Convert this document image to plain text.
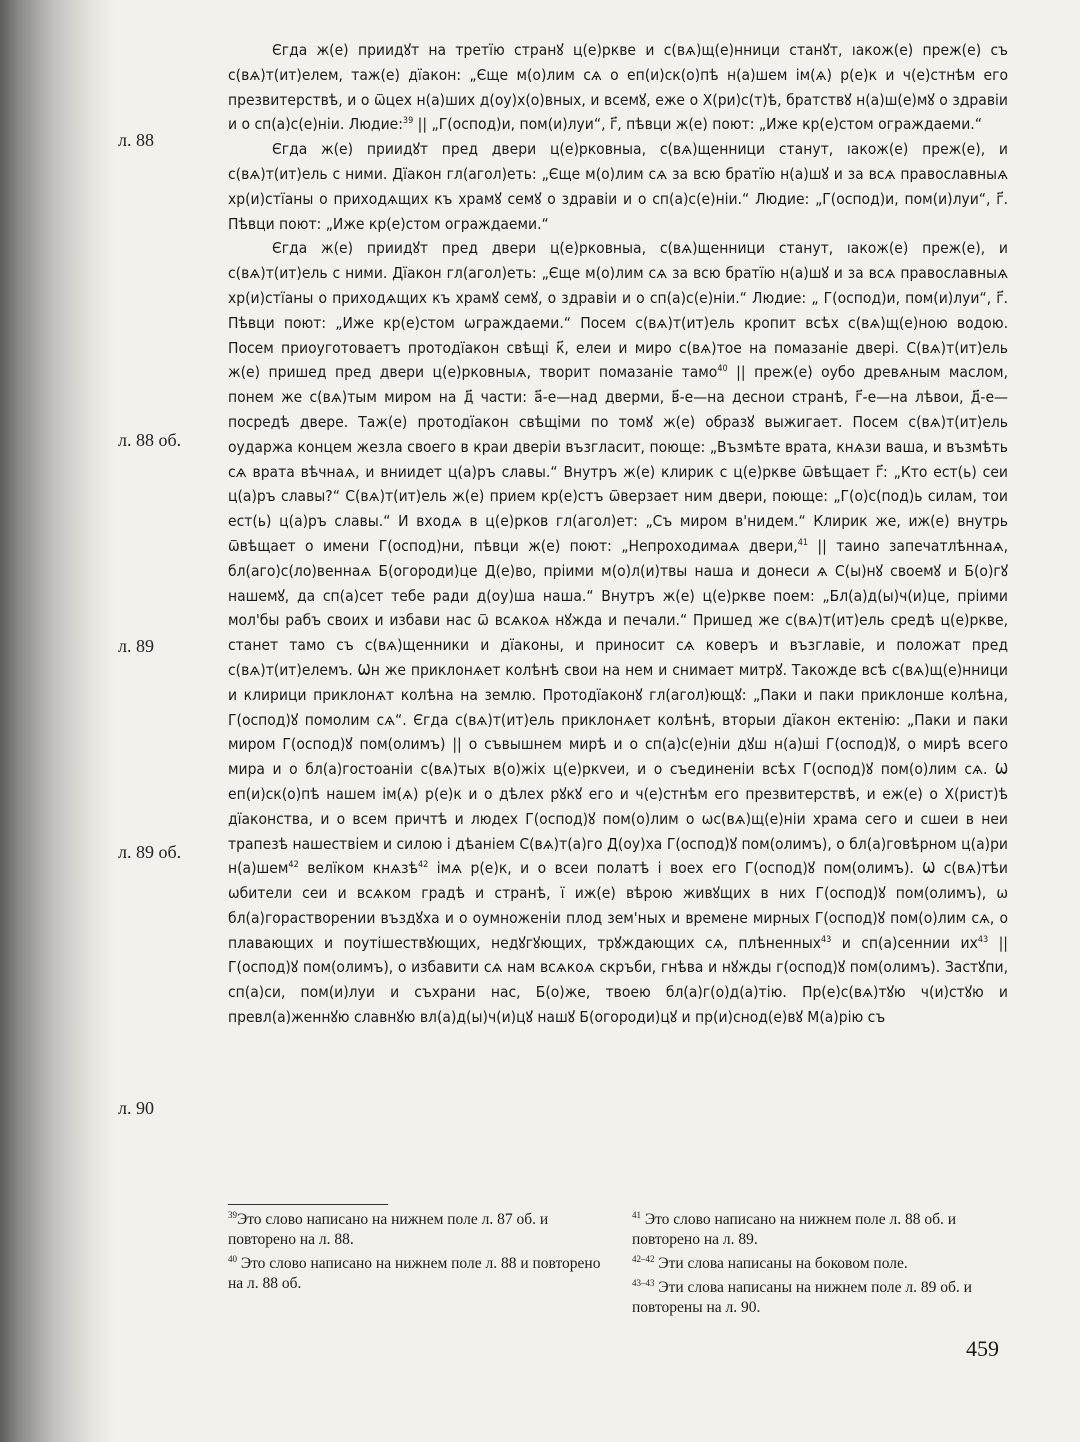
л. 88
л. 88 об.
л. 89
л. 89 об.
л. 90

Єгда ж(е) приидꙋт на третїю странꙋ ц(е)ркве и с(вѧ)щ(е)нници станꙋт, ıакож(е) преж(е) съ с(вѧ)т(ит)елем, таж(е) дїакон: „Єще м(о)лим сѧ о еп(и)ск(о)пѣ н(а)шем ім(ѧ) р(е)к и ч(е)стнѣм его презвитерствѣ, и о ѿцех н(а)ших д(оу)х(о)вных, и всемꙋ, еже о Х(ри)с(т)ѣ, братствꙋ н(а)ш(е)мꙋ о здравіи и о сп(а)с(е)ніи. Людие:$^{39}$ || „Г(оспод)и, пом(и)луи“, г҃, пѣвци ж(е) поют: „Иже кр(е)стом ограждаеми.“

Єгда ж(е) приидꙋт пред двери ц(е)рковныа, с(вѧ)щенници станут, ıакож(е) преж(е), и с(вѧ)т(ит)ель с ними. Дїакон гл(агол)еть: „Єще м(о)лим сѧ за всю братїю н(а)шꙋ и за всѧ православныѧ хр(и)стїаны о приходѧщих къ храмꙋ семꙋ о здравіи и о сп(а)с(е)ніи.“ Людие: „Г(оспод)и, пом(и)луи“, г҃. Пѣвци поют: „Иже кр(е)стом ограждаеми.“

Єгда ж(е) приидꙋт пред двери ц(е)рковныа, с(вѧ)щенници станут, ıакож(е) преж(е), и с(вѧ)т(ит)ель с ними. Дїакон гл(агол)еть: „Єще м(о)лим сѧ за всю братїю н(а)шꙋ и за всѧ православныѧ хр(и)стїаны о приходѧщих къ храмꙋ семꙋ, о здравіи и о сп(а)с(е)ніи.“ Людие: „ Г(оспод)и, пом(и)луи“, г҃. Пѣвци поют: „Иже кр(е)стом ѡграждаеми.“ Посем с(вѧ)т(ит)ель кропит всѣх с(вѧ)щ(е)ною водою. Посем приоуготоваетъ протодїакон свѣщі к҃, елеи и миро с(вѧ)тое на помазаніе двері. С(вѧ)т(ит)ель ж(е) пришед пред двери ц(е)рковныѧ, творит помазаніе тамо$^{40}$ || преж(е) оубо древѧным маслом, понем же с(вѧ)тым миром на д҃ части: а҃-е—над дверми, в҃-е—на деснои странѣ, г҃-е—на лѣвои, д҃-е—посредѣ двере. Таж(е) протодїакон свѣщіми по томꙋ ж(е) образꙋ выжигает. Посем с(вѧ)т(ит)ель оударжа концем жезла своего в краи двеpiи възгласит, поюще: „Възмѣте врата, кнѧзи ваша, и възмѣть сѧ врата вѣчнаѧ, и вниидет ц(а)ръ славы.“ Внутръ ж(е) клирик с ц(е)ркве ѿвѣщает г҃: „Кто ест(ь) сеи ц(а)ръ славы?“ С(вѧ)т(ит)ель ж(е) прием кр(е)стъ ѿверзает ним двери, поюще: „Г(о)с(под)ь силам, тои ест(ь) ц(а)ръ славы.“ И входѧ в ц(е)рков гл(агол)ет: „Съ миром в'нидем.“ Клирик же, иж(е) внутрь ѿвѣщает о имени Г(оспод)ни, пѣвци ж(е) поют: „Непроходимаѧ двери,$^{41}$ || таино запечатлѣннаѧ, бл(аго)с(ло)веннаѧ Б(огороди)це Д(е)во, пріими м(о)л(и)твы наша и донеси ѧ С(ы)нꙋ своемꙋ и Б(о)гꙋ нашемꙋ, да сп(а)сет тебе ради д(оу)ша наша.“ Внутръ ж(е) ц(е)ркве поем: „Бл(а)д(ы)ч(и)це, пріими мол'бы рабъ своих и избави нас ѿ всѧкоѧ нꙋжда и печали.“ Пришед же с(вѧ)т(ит)ель средѣ ц(е)ркве, станет тамо съ с(вѧ)щенники и дїаконы, и приносит сѧ коверъ и възглавіе, и положат пред с(вѧ)т(ит)елемъ. Ѡн же приклонѧет колѣнѣ свои на нем и снимает митрꙋ. Такожде всѣ с(вѧ)щ(е)нници и клирици приклонѧт колѣна на землю. Протодїаконꙋ гл(агол)ющꙋ: „Паки и паки приклонше колѣна, Г(оспод)ꙋ помолим сѧ“. Єгда с(вѧ)т(ит)ель приклонѧет колѣнѣ, вторыи дїакон ектенію: „Паки и паки миром Г(оспод)ꙋ пом(олимъ) || о съвышнем мирѣ и о сп(а)с(е)ніи дꙋш н(а)ші Г(оспод)ꙋ, о мирѣ всего мира и о бл(а)гостоаніи с(вѧ)тых в(о)жіх ц(е)ркveи, и о съединеніи всѣх Г(оспод)ꙋ пом(о)лим сѧ. Ѡ еп(и)ск(о)пѣ нашем ім(ѧ) р(е)к и о дѣлех рꙋкꙋ его и ч(е)стнѣм его презвитерствѣ, и еж(е) о Х(рист)ѣ дїаконства, и о всем причтѣ и людех Г(оспод)ꙋ пом(о)лим о ѡс(вѧ)щ(е)ніи храма сего и сшеи в неи трапезѣ нашествіем и силою і дѣаніем С(вѧ)т(а)го Д(оу)ха Г(оспод)ꙋ пом(олимъ), о бл(а)говѣрном ц(а)ри н(а)шем$^{42}$ велїком кнѧзѣ$^{42}$ імѧ р(е)к, и о всеи полатѣ і воех его Г(оспод)ꙋ пом(олимъ). Ѡ с(вѧ)тѣи ѡбители сеи и всѧком градѣ и странѣ, ї иж(е) вѣрою живꙋщих в них Г(оспод)ꙋ пом(олимъ), ѡ бл(а)горастворении въздꙋха и о оумноженіи плод зем'ных и времене мирных Г(оспод)ꙋ пом(о)лим сѧ, о плавающих и поутішествꙋющих, недꙋгꙋющих, трꙋждающих сѧ, плѣненных$^{43}$ и сп(а)сеннии $их^{43}$ || Г(оспод)ꙋ пом(олимъ), о избавити сѧ нам всѧкоѧ скръби, гнѣва и нꙋжды г(оспод)ꙋ пом(олимъ). Застꙋпи, сп(а)си, пом(и)луи и съхрани нас, Б(о)же, твоею бл(а)г(о)д(а)тію. Пр(е)с(вѧ)тꙋю ч(и)стꙋю и превл(а)женнꙋю славнꙋю вл(а)д(ы)ч(и)цꙋ нашꙋ Б(огороди)цꙋ и пр(и)снод(е)вꙋ М(а)рію съ

$^{39}$Это слово написано на нижнем поле л. 87 об. и повторено на л. 88.

$^{40}$ Это слово написано на нижнем поле л. 88 и повторено на л. 88 об.

$^{41}$ Это слово написано на нижнем поле л. 88 об. и повторено на л. 89.

$^{42-42}$ Эти слова написаны на боковом поле.

$^{43-43}$ Эти слова написаны на нижнем поле л. 89 об. и повторены на л. 90.

459
